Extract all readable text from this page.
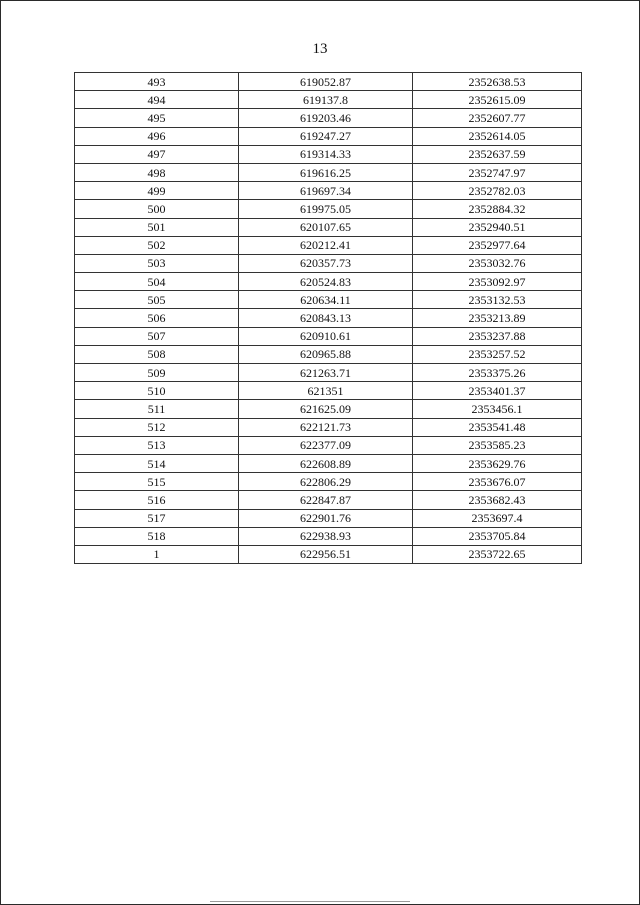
13
493	619052.87	2352638.53
494	619137.8	2352615.09
495	619203.46	2352607.77
496	619247.27	2352614.05
497	619314.33	2352637.59
498	619616.25	2352747.97
499	619697.34	2352782.03
500	619975.05	2352884.32
501	620107.65	2352940.51
502	620212.41	2352977.64
503	620357.73	2353032.76
504	620524.83	2353092.97
505	620634.11	2353132.53
506	620843.13	2353213.89
507	620910.61	2353237.88
508	620965.88	2353257.52
509	621263.71	2353375.26
510	621351	2353401.37
511	621625.09	2353456.1
512	622121.73	2353541.48
513	622377.09	2353585.23
514	622608.89	2353629.76
515	622806.29	2353676.07
516	622847.87	2353682.43
517	622901.76	2353697.4
518	622938.93	2353705.84
1	622956.51	2353722.65
